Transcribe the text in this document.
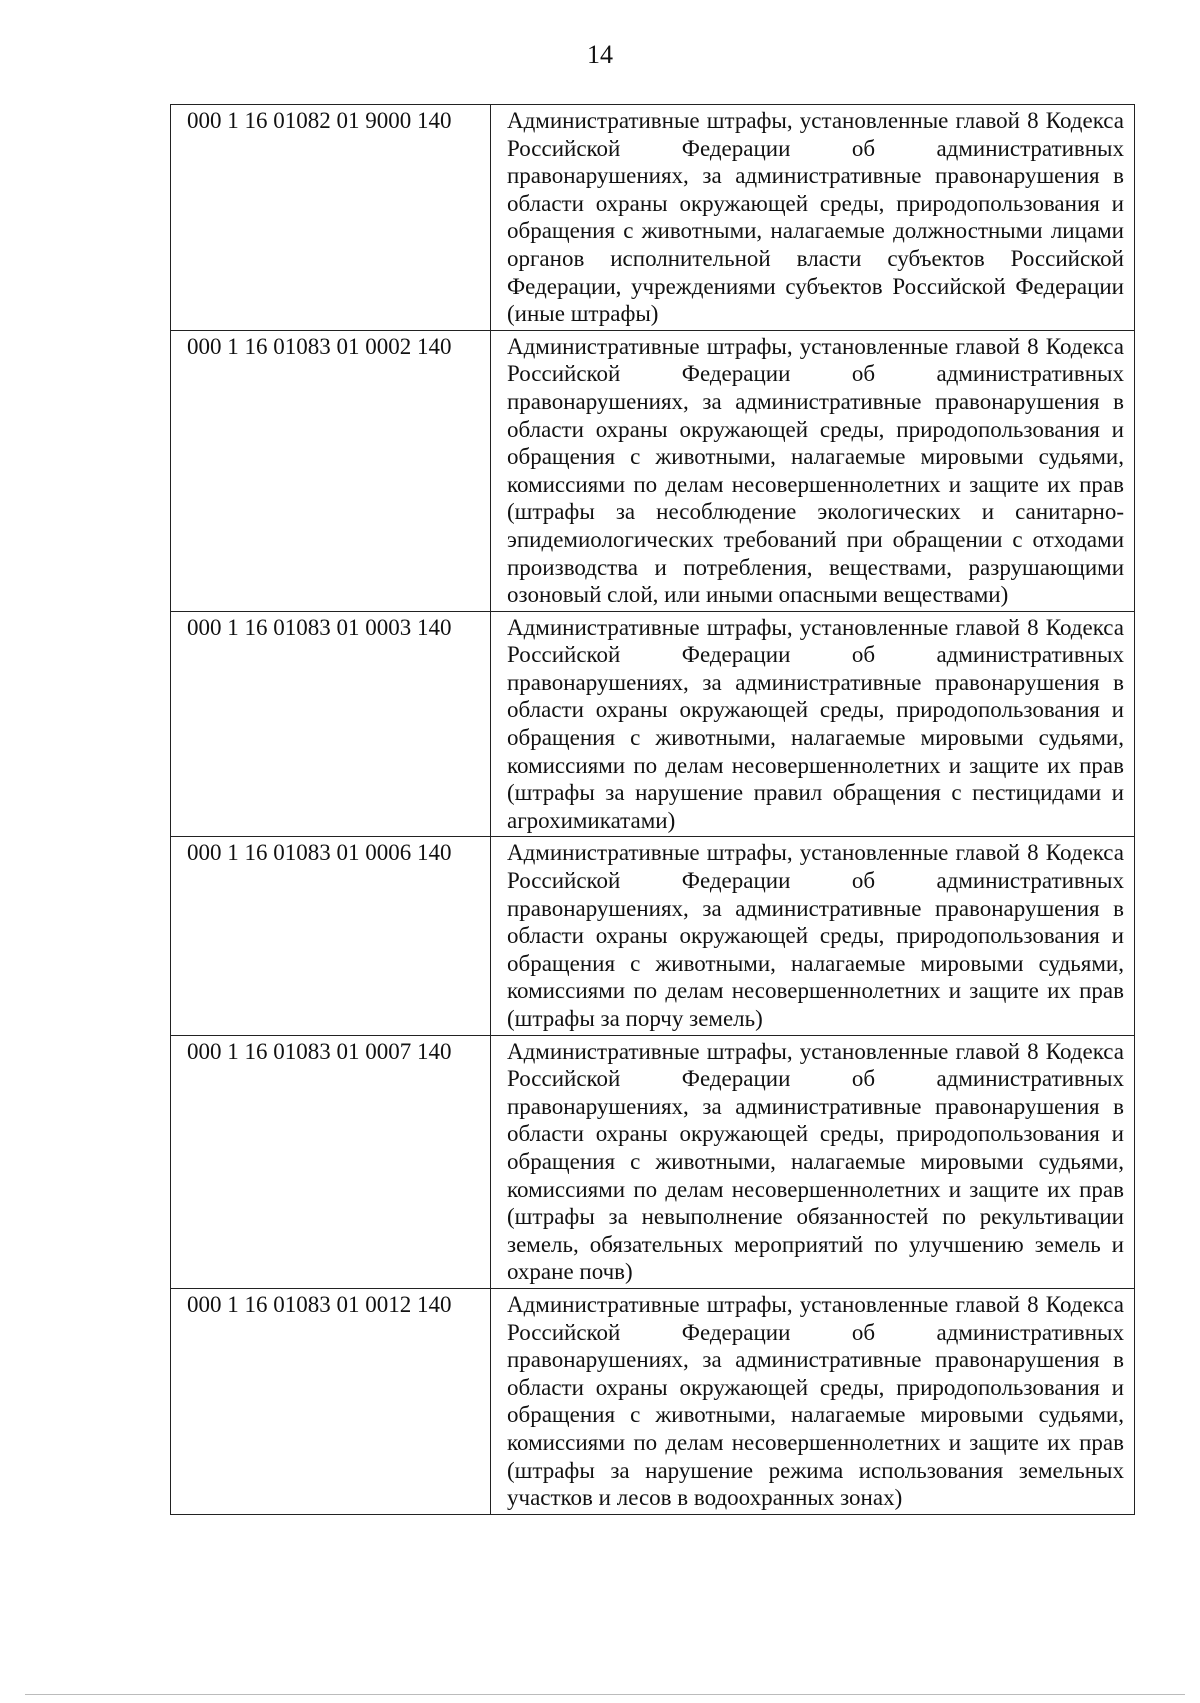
14
000 1 16 01082 01 9000 140	Административные штрафы, установленные главой 8 Кодекса Российской Федерации об административных правонарушениях, за административные правонарушения в области охраны окружающей среды, природопользования и обращения с животными, налагаемые должностными лицами органов исполнительной власти субъектов Российской Федерации, учреждениями субъектов Российской Федерации (иные штрафы)
000 1 16 01083 01 0002 140	Административные штрафы, установленные главой 8 Кодекса Российской Федерации об административных правонарушениях, за административные правонарушения в области охраны окружающей среды, природопользования и обращения с животными, налагаемые мировыми судьями, комиссиями по делам несовершеннолетних и защите их прав (штрафы за несоблюдение экологических и санитарно-эпидемиологических требований при обращении с отходами производства и потребления, веществами, разрушающими озоновый слой, или иными опасными веществами)
000 1 16 01083 01 0003 140	Административные штрафы, установленные главой 8 Кодекса Российской Федерации об административных правонарушениях, за административные правонарушения в области охраны окружающей среды, природопользования и обращения с животными, налагаемые мировыми судьями, комиссиями по делам несовершеннолетних и защите их прав (штрафы за нарушение правил обращения с пестицидами и агрохимикатами)
000 1 16 01083 01 0006 140	Административные штрафы, установленные главой 8 Кодекса Российской Федерации об административных правонарушениях, за административные правонарушения в области охраны окружающей среды, природопользования и обращения с животными, налагаемые мировыми судьями, комиссиями по делам несовершеннолетних и защите их прав (штрафы за порчу земель)
000 1 16 01083 01 0007 140	Административные штрафы, установленные главой 8 Кодекса Российской Федерации об административных правонарушениях, за административные правонарушения в области охраны окружающей среды, природопользования и обращения с животными, налагаемые мировыми судьями, комиссиями по делам несовершеннолетних и защите их прав (штрафы за невыполнение обязанностей по рекультивации земель, обязательных мероприятий по улучшению земель и охране почв)
000 1 16 01083 01 0012 140	Административные штрафы, установленные главой 8 Кодекса Российской Федерации об административных правонарушениях, за административные правонарушения в области охраны окружающей среды, природопользования и обращения с животными, налагаемые мировыми судьями, комиссиями по делам несовершеннолетних и защите их прав (штрафы за нарушение режима использования земельных участков и лесов в водоохранных зонах)
